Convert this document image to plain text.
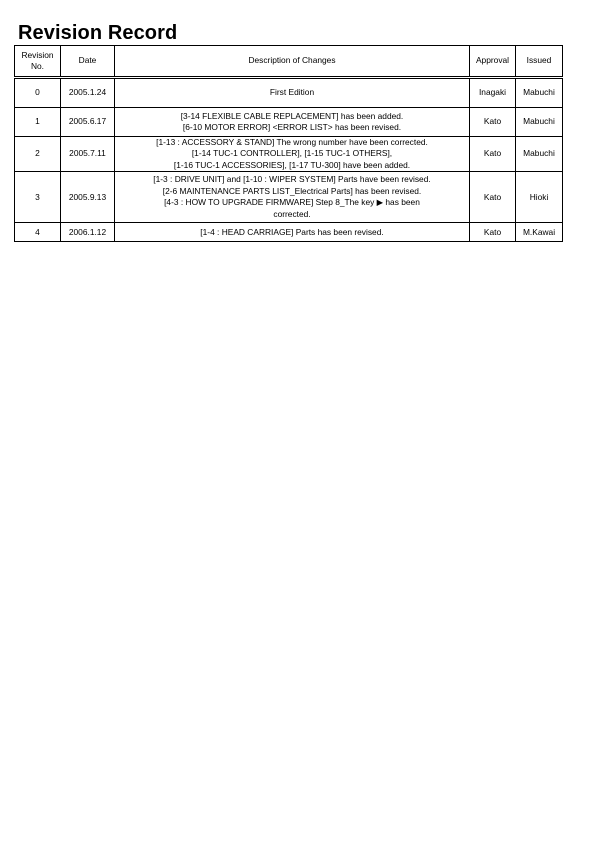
Revision Record
Revision
No.	Date	Description of Changes	Approval	Issued
0	2005.1.24	First Edition	Inagaki	Mabuchi
1	2005.6.17	[3-14 FLEXIBLE CABLE REPLACEMENT] has been added.
[6-10 MOTOR ERROR] <ERROR LIST> has been revised.	Kato	Mabuchi
2	2005.7.11	[1-13 : ACCESSORY & STAND] The wrong number have been corrected.
[1-14 TUC-1 CONTROLLER], [1-15 TUC-1 OTHERS],
[1-16 TUC-1 ACCESSORIES], [1-17 TU-300] have been added.	Kato	Mabuchi
3	2005.9.13	[1-3 : DRIVE UNIT] and [1-10 : WIPER SYSTEM] Parts have been revised.
[2-6 MAINTENANCE PARTS LIST_Electrical Parts] has been revised.
[4-3 : HOW TO UPGRADE FIRMWARE] Step 8_The key ▶ has been
corrected.	Kato	Hioki
4	2006.1.12	[1-4 : HEAD CARRIAGE] Parts has been revised.	Kato	M.Kawai
